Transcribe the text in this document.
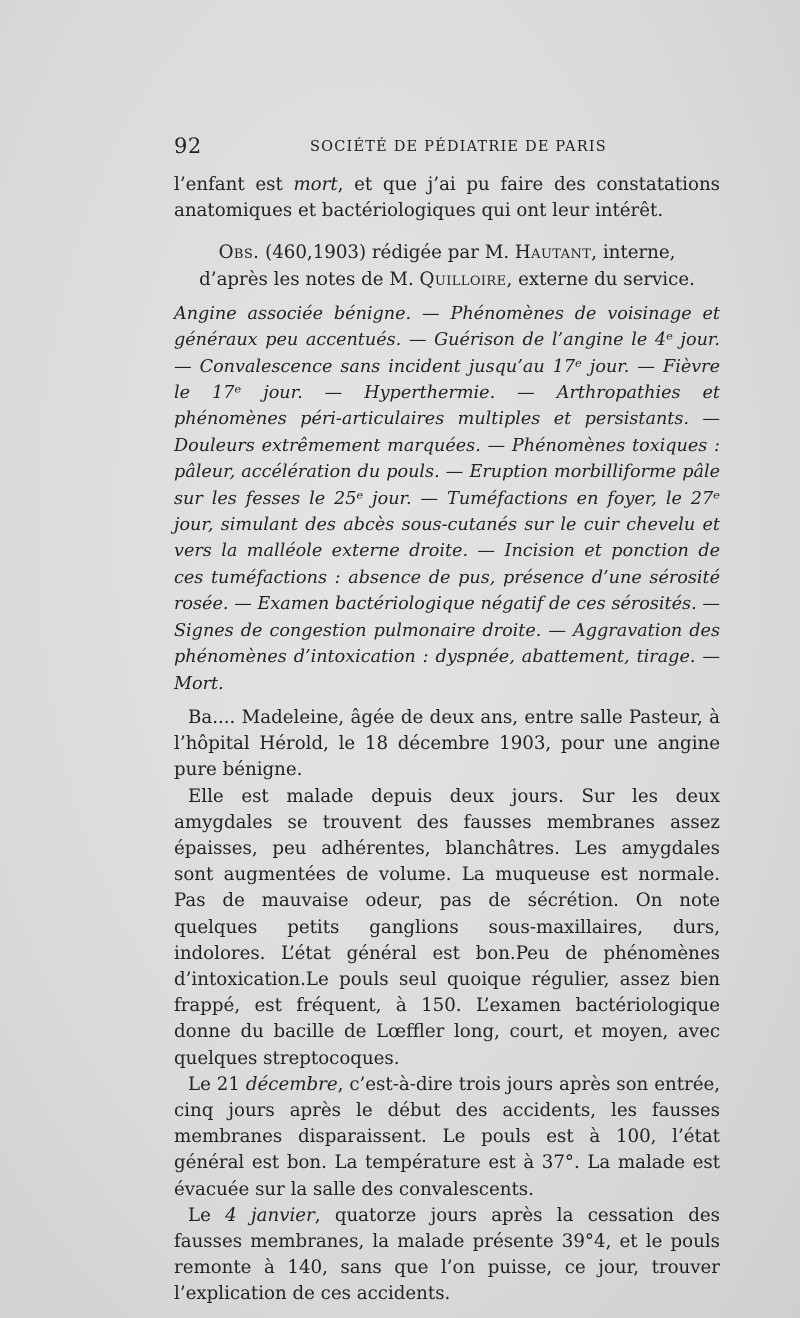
92	SOCIÉTÉ DE PÉDIATRIE DE PARIS

l’enfant est mort, et que j’ai pu faire des constatations anatomiques et bactériologiques qui ont leur intérêt.

Obs. (460,1903) rédigée par M. Hautant, interne, d’après les notes de M. Quilloire, externe du service.

Angine associée bénigne. — Phénomènes de voisinage et généraux peu accentués. — Guérison de l’angine le 4ᵉ jour. — Convalescence sans incident jusqu’au 17ᵉ jour. — Fièvre le 17ᵉ jour. — Hyperthermie. — Arthropathies et phénomènes péri-articulaires multiples et persistants. — Douleurs extrêmement marquées. — Phénomènes toxiques : pâleur, accélération du pouls. — Eruption morbilliforme pâle sur les fesses le 25ᵉ jour. — Tuméfactions en foyer, le 27ᵉ jour, simulant des abcès sous-cutanés sur le cuir chevelu et vers la malléole externe droite. — Incision et ponction de ces tuméfactions : absence de pus, présence d’une sérosité rosée. — Examen bactériologique négatif de ces sérosités. — Signes de congestion pulmonaire droite. — Aggravation des phénomènes d’intoxication : dyspnée, abattement, tirage. — Mort.

Ba.... Madeleine, âgée de deux ans, entre salle Pasteur, à l’hôpital Hérold, le 18 décembre 1903, pour une angine pure bénigne.

Elle est malade depuis deux jours. Sur les deux amygdales se trouvent des fausses membranes assez épaisses, peu adhérentes, blanchâtres. Les amygdales sont augmentées de volume. La muqueuse est normale. Pas de mauvaise odeur, pas de sécrétion. On note quelques petits ganglions sous-maxillaires, durs, indolores. L’état général est bon.Peu de phénomènes d’intoxication.Le pouls seul quoique régulier, assez bien frappé, est fréquent, à 150. L’examen bactériologique donne du bacille de Lœffler long, court, et moyen, avec quelques streptocoques.

Le 21 décembre, c’est-à-dire trois jours après son entrée, cinq jours après le début des accidents, les fausses membranes disparaissent. Le pouls est à 100, l’état général est bon. La température est à 37°. La malade est évacuée sur la salle des convalescents.

Le 4 janvier, quatorze jours après la cessation des fausses membranes, la malade présente 39°4, et le pouls remonte à 140, sans que l’on puisse, ce jour, trouver l’explication de ces accidents.
